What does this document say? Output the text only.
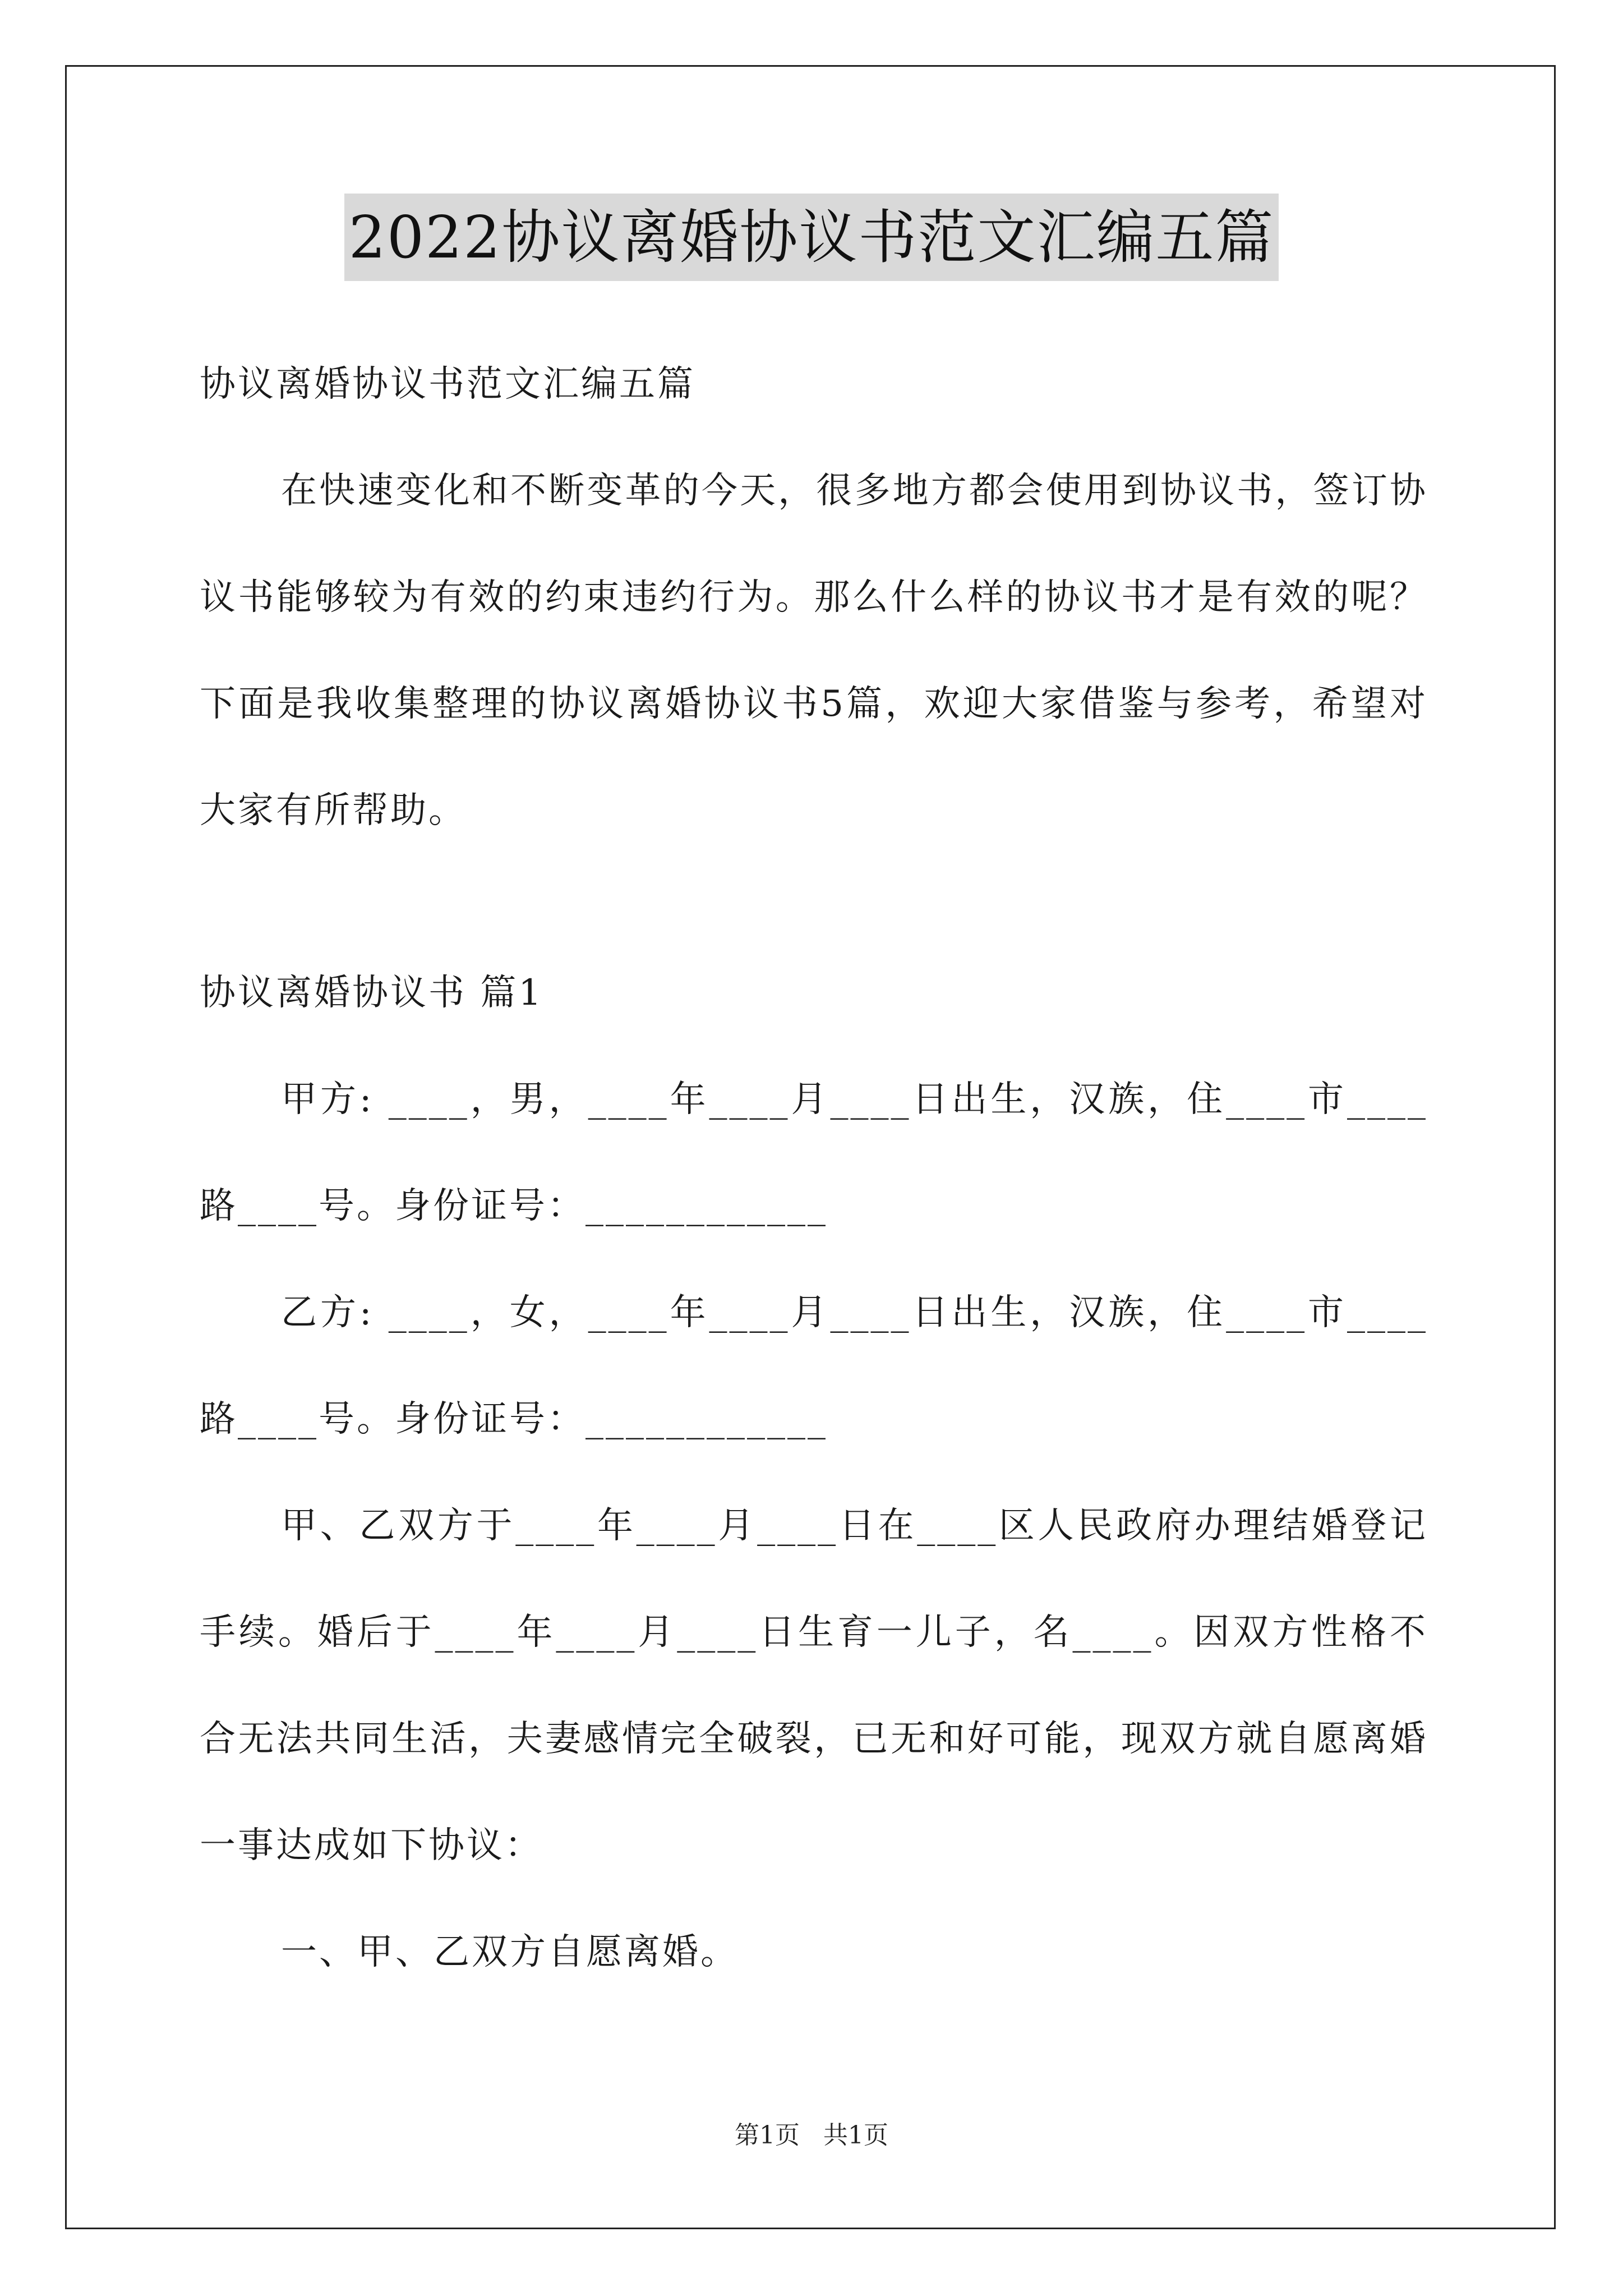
2022协议离婚协议书范文汇编五篇

协议离婚协议书范文汇编五篇

在快速变化和不断变革的今天，很多地方都会使用到协议书，签订协议书能够较为有效的约束违约行为。那么什么样的协议书才是有效的呢？下面是我收集整理的协议离婚协议书5篇，欢迎大家借鉴与参考，希望对大家有所帮助。

协议离婚协议书 篇1

甲方: ____，男，____年____月____日出生，汉族，住____市____路____号。身份证号：____________

乙方: ____，女，____年____月____日出生，汉族，住____市____路____号。身份证号：____________

甲、乙双方于____年____月____日在____区人民政府办理结婚登记手续。婚后于____年____月____日生育一儿子，名____。因双方性格不合无法共同生活，夫妻感情完全破裂，已无和好可能，现双方就自愿离婚一事达成如下协议：

一、甲、乙双方自愿离婚。

第1页 共1页
